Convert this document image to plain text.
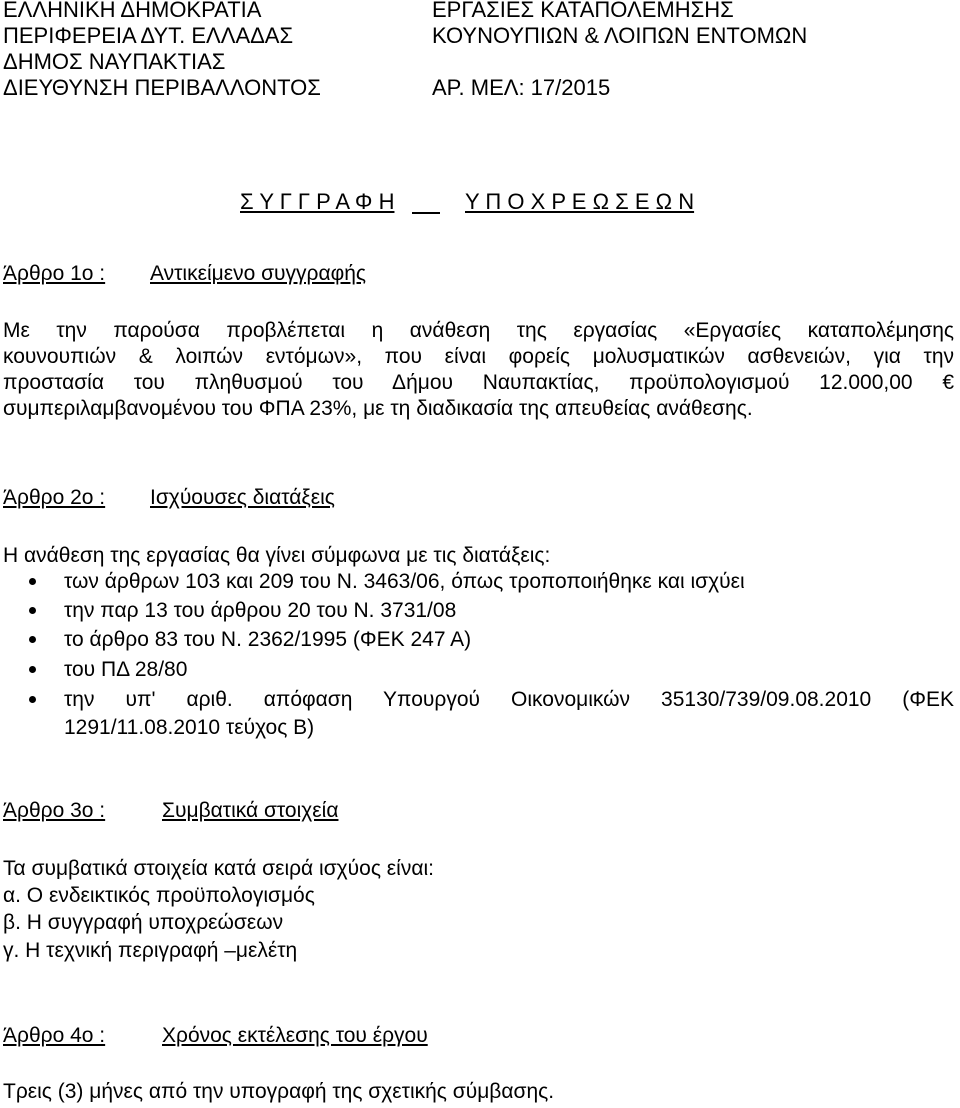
ΕΛΛΗΝΙΚΗ ΔΗΜΟΚΡΑΤΙΑ
ΠΕΡΙΦΕΡΕΙΑ ΔΥΤ. ΕΛΛΑΔΑΣ
ΔΗΜΟΣ ΝΑΥΠΑΚΤΙΑΣ
ΔΙΕΥΘΥΝΣΗ ΠΕΡΙΒΑΛΛΟΝΤΟΣ
ΕΡΓΑΣΙΕΣ ΚΑΤΑΠΟΛΕΜΗΣΗΣ
ΚΟΥΝΟΥΠΙΩΝ & ΛΟΙΠΩΝ ΕΝΤΟΜΩΝ
ΑΡ. ΜΕΛ: 17/2015
Σ Υ Γ Γ Ρ Α Φ Η	Υ Π Ο Χ Ρ Ε Ω Σ Ε Ω Ν
Άρθρο 1ο : Αντικείμενο συγγραφής
Με την παρούσα προβλέπεται η ανάθεση της εργασίας «Εργασίες καταπολέμησης
κουνουπιών & λοιπών εντόμων», που είναι φορείς μολυσματικών ασθενειών, για την
προστασία του πληθυσμού του Δήμου Ναυπακτίας, προϋπολογισμού 12.000,00 €
συμπεριλαμβανομένου του ΦΠΑ 23%, με τη διαδικασία της απευθείας ανάθεσης.
Άρθρο 2ο : Ισχύουσες διατάξεις
Η ανάθεση της εργασίας θα γίνει σύμφωνα με τις διατάξεις:
των άρθρων 103 και 209 του Ν. 3463/06, όπως τροποποιήθηκε και ισχύει
την παρ 13 του άρθρου 20 του Ν. 3731/08
το άρθρο 83 του Ν. 2362/1995 (ΦΕΚ 247 Α)
του ΠΔ 28/80
την υπ' αριθ. απόφαση Υπουργού Οικονομικών 35130/739/09.08.2010 (ΦΕΚ
1291/11.08.2010 τεύχος Β)
Άρθρο 3ο :	Συμβατικά στοιχεία
Τα συμβατικά στοιχεία κατά σειρά ισχύος είναι:
α. Ο ενδεικτικός προϋπολογισμός
β. Η συγγραφή υποχρεώσεων
γ. Η τεχνική περιγραφή –μελέτη
Άρθρο 4ο :	Χρόνος εκτέλεσης του έργου
Τρεις (3) μήνες από την υπογραφή της σχετικής σύμβασης.
